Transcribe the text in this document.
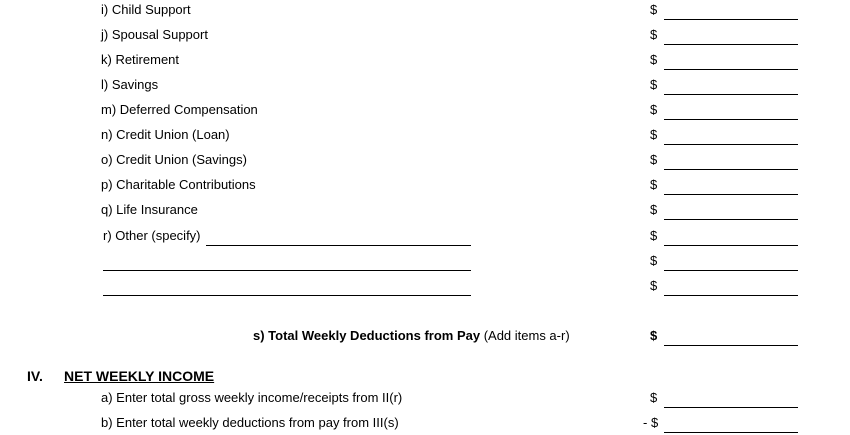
i) Child Support	$
j) Spousal Support	$
k) Retirement	$
l) Savings	$
m) Deferred Compensation	$
n) Credit Union (Loan)	$
o) Credit Union (Savings)	$
p) Charitable Contributions	$
q) Life Insurance	$
r) Other (specify)	$
$
$
s) Total Weekly Deductions from Pay (Add items a-r)	$
IV. NET WEEKLY INCOME
a) Enter total gross weekly income/receipts from II(r)	$
b) Enter total weekly deductions from pay from III(s)	- $
